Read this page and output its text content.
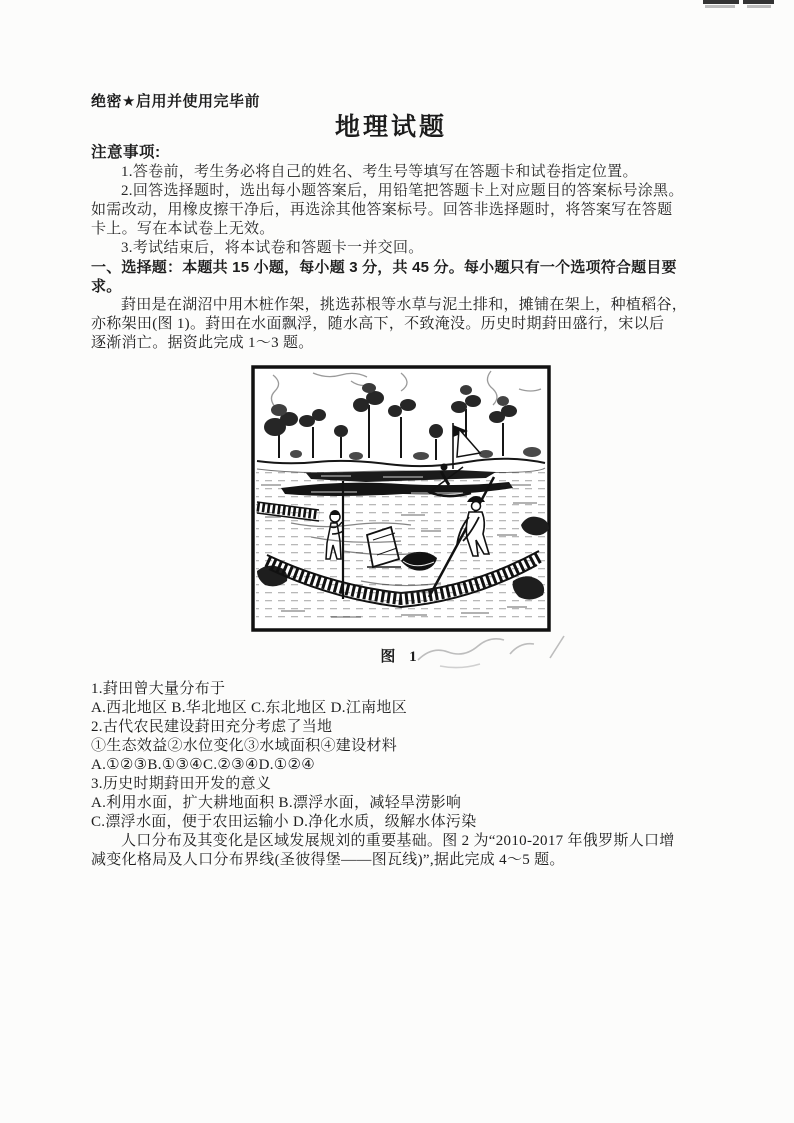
绝密★启用并使用完毕前
地理试题
注意事项:
1.答卷前，考生务必将自己的姓名、考生号等填写在答题卡和试卷指定位置。
2.回答选择题时，选出每小题答案后，用铅笔把答题卡上对应题目的答案标号涂黑。
如需改动，用橡皮擦干净后，再选涂其他答案标号。回答非选择题时，将答案写在答题
卡上。写在本试卷上无效。
3.考试结束后，将本试卷和答题卡一并交回。
一、选择题：本题共 15 小题，每小题 3 分，共 45 分。每小题只有一个选项符合题目要
求。
葑田是在湖沼中用木桩作架，挑选荪根等水草与泥土排和，摊铺在架上，种植稻谷，
亦称架田(图 1)。葑田在水面飘浮，随水高下，不致淹没。历史时期葑田盛行，宋以后
逐渐消亡。据资此完成 1～3 题。
图 1
1.葑田曾大量分布于
A.西北地区 B.华北地区 C.东北地区 D.江南地区
2.古代农民建设葑田充分考虑了当地
①生态效益②水位变化③水域面积④建设材料
A.①②③B.①③④C.②③④D.①②④
3.历史时期葑田开发的意义
A.利用水面，扩大耕地面积 B.漂浮水面，减轻旱涝影响
C.漂浮水面，便于农田运输小 D.净化水质，级解水体污染
人口分布及其变化是区域发展规刘的重要基础。图 2 为“2010-2017 年俄罗斯人口增
减变化格局及人口分布界线(圣彼得堡——图瓦线)”,据此完成 4～5 题。
